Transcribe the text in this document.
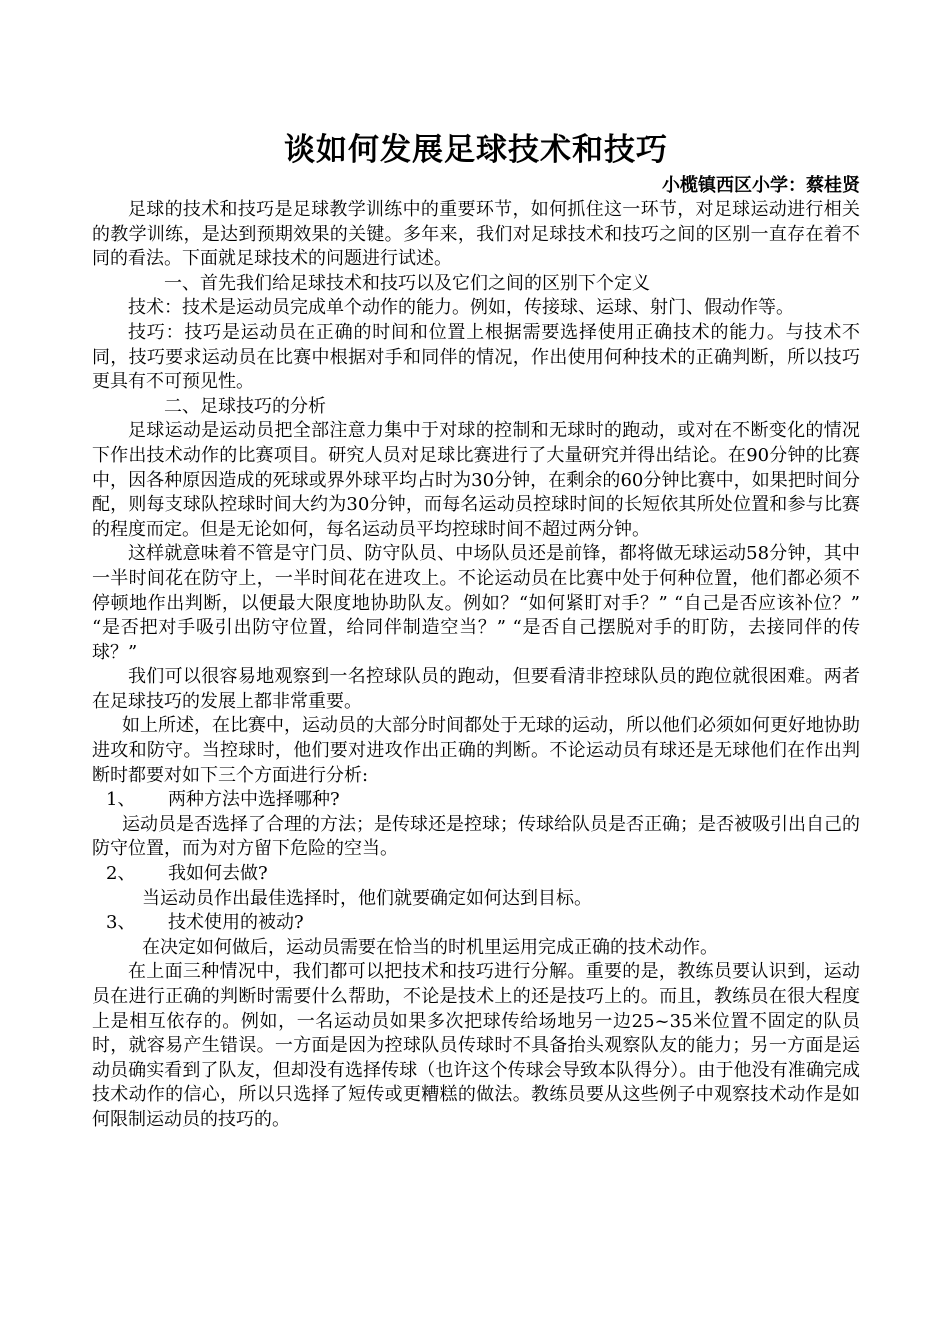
谈如何发展足球技术和技巧
小榄镇西区小学：蔡桂贤

足球的技术和技巧是足球教学训练中的重要环节，如何抓住这一环节，对足球运动进行相关的教学训练，是达到预期效果的关键。多年来，我们对足球技术和技巧之间的区别一直存在着不同的看法。下面就足球技术的问题进行试述。

一、首先我们给足球技术和技巧以及它们之间的区别下个定义

技术：技术是运动员完成单个动作的能力。例如，传接球、运球、射门、假动作等。

技巧：技巧是运动员在正确的时间和位置上根据需要选择使用正确技术的能力。与技术不同，技巧要求运动员在比赛中根据对手和同伴的情况，作出使用何种技术的正确判断，所以技巧更具有不可预见性。

二、足球技巧的分析

足球运动是运动员把全部注意力集中于对球的控制和无球时的跑动，或对在不断变化的情况下作出技术动作的比赛项目。研究人员对足球比赛进行了大量研究并得出结论。在90分钟的比赛中，因各种原因造成的死球或界外球平均占时为30分钟，在剩余的60分钟比赛中，如果把时间分配，则每支球队控球时间大约为30分钟，而每名运动员控球时间的长短依其所处位置和参与比赛的程度而定。但是无论如何，每名运动员平均控球时间不超过两分钟。

这样就意味着不管是守门员、防守队员、中场队员还是前锋，都将做无球运动58分钟，其中一半时间花在防守上，一半时间花在进攻上。不论运动员在比赛中处于何种位置，他们都必须不停顿地作出判断，以便最大限度地协助队友。例如？“如何紧盯对手？” “自己是否应该补位？” “是否把对手吸引出防守位置，给同伴制造空当？” “是否自己摆脱对手的盯防，去接同伴的传球？”

我们可以很容易地观察到一名控球队员的跑动，但要看清非控球队员的跑位就很困难。两者在足球技巧的发展上都非常重要。

如上所述，在比赛中，运动员的大部分时间都处于无球的运动，所以他们必须如何更好地协助进攻和防守。当控球时，他们要对进攻作出正确的判断。不论运动员有球还是无球他们在作出判断时都要对如下三个方面进行分析:

1、 两种方法中选择哪种?

运动员是否选择了合理的方法；是传球还是控球；传球给队员是否正确；是否被吸引出自己的防守位置，而为对方留下危险的空当。

2、 我如何去做?

当运动员作出最佳选择时，他们就要确定如何达到目标。

3、 技术使用的被动?

在决定如何做后，运动员需要在恰当的时机里运用完成正确的技术动作。

在上面三种情况中，我们都可以把技术和技巧进行分解。重要的是，教练员要认识到，运动员在进行正确的判断时需要什么帮助，不论是技术上的还是技巧上的。而且，教练员在很大程度上是相互依存的。例如，一名运动员如果多次把球传给场地另一边25~35米位置不固定的队员时，就容易产生错误。一方面是因为控球队员传球时不具备抬头观察队友的能力；另一方面是运动员确实看到了队友，但却没有选择传球（也许这个传球会导致本队得分）。由于他没有准确完成技术动作的信心，所以只选择了短传或更糟糕的做法。教练员要从这些例子中观察技术动作是如何限制运动员的技巧的。
